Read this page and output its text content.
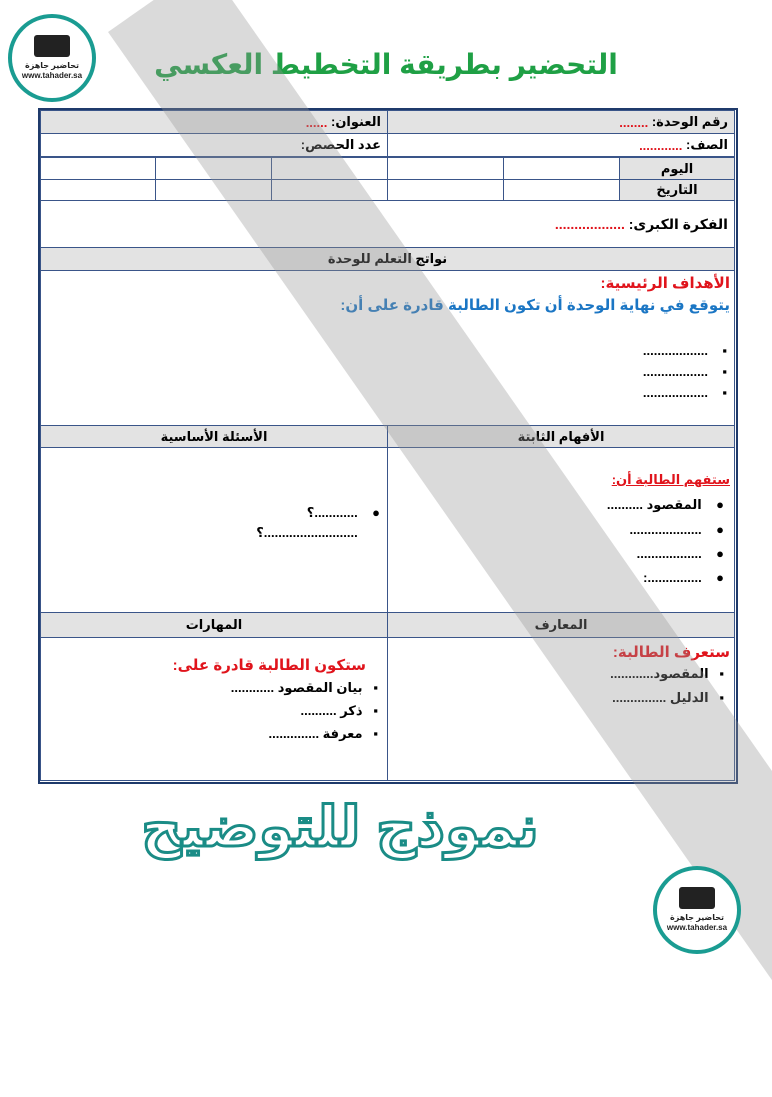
التحضير بطريقة التخطيط العكسي
رقم الوحدة:

........
العنوان:

......
الصف:

............
عدد الحصص:
اليوم
التاريخ
الفكرة الكبرى:

..................
نواتج التعلم للوحدة
الأهداف الرئيسية:
يتوقع في نهاية الوحدة أن تكون الطالبة قادرة على أن:
▪    ..................
▪    ..................
▪    ..................
الأفهام الثابتة
الأسئلة الأساسية
ستفهم الطالبة أن:
●    المقصود ..........
●    ....................
●    ..................
●    ...............:
●    ............؟
..........................؟
المعارف
المهارات
ستعرف الطالبة:
▪   المقصود............
▪   الدليل ...............
ستكون الطالبة قادرة على:
▪   بيان المقصود ............
▪   ذكر ..........
▪   معرفة ..............
نموذج للتوضيح
تحاضير جاهزة
www.tahader.sa
تحاضير جاهزة
www.tahader.sa
